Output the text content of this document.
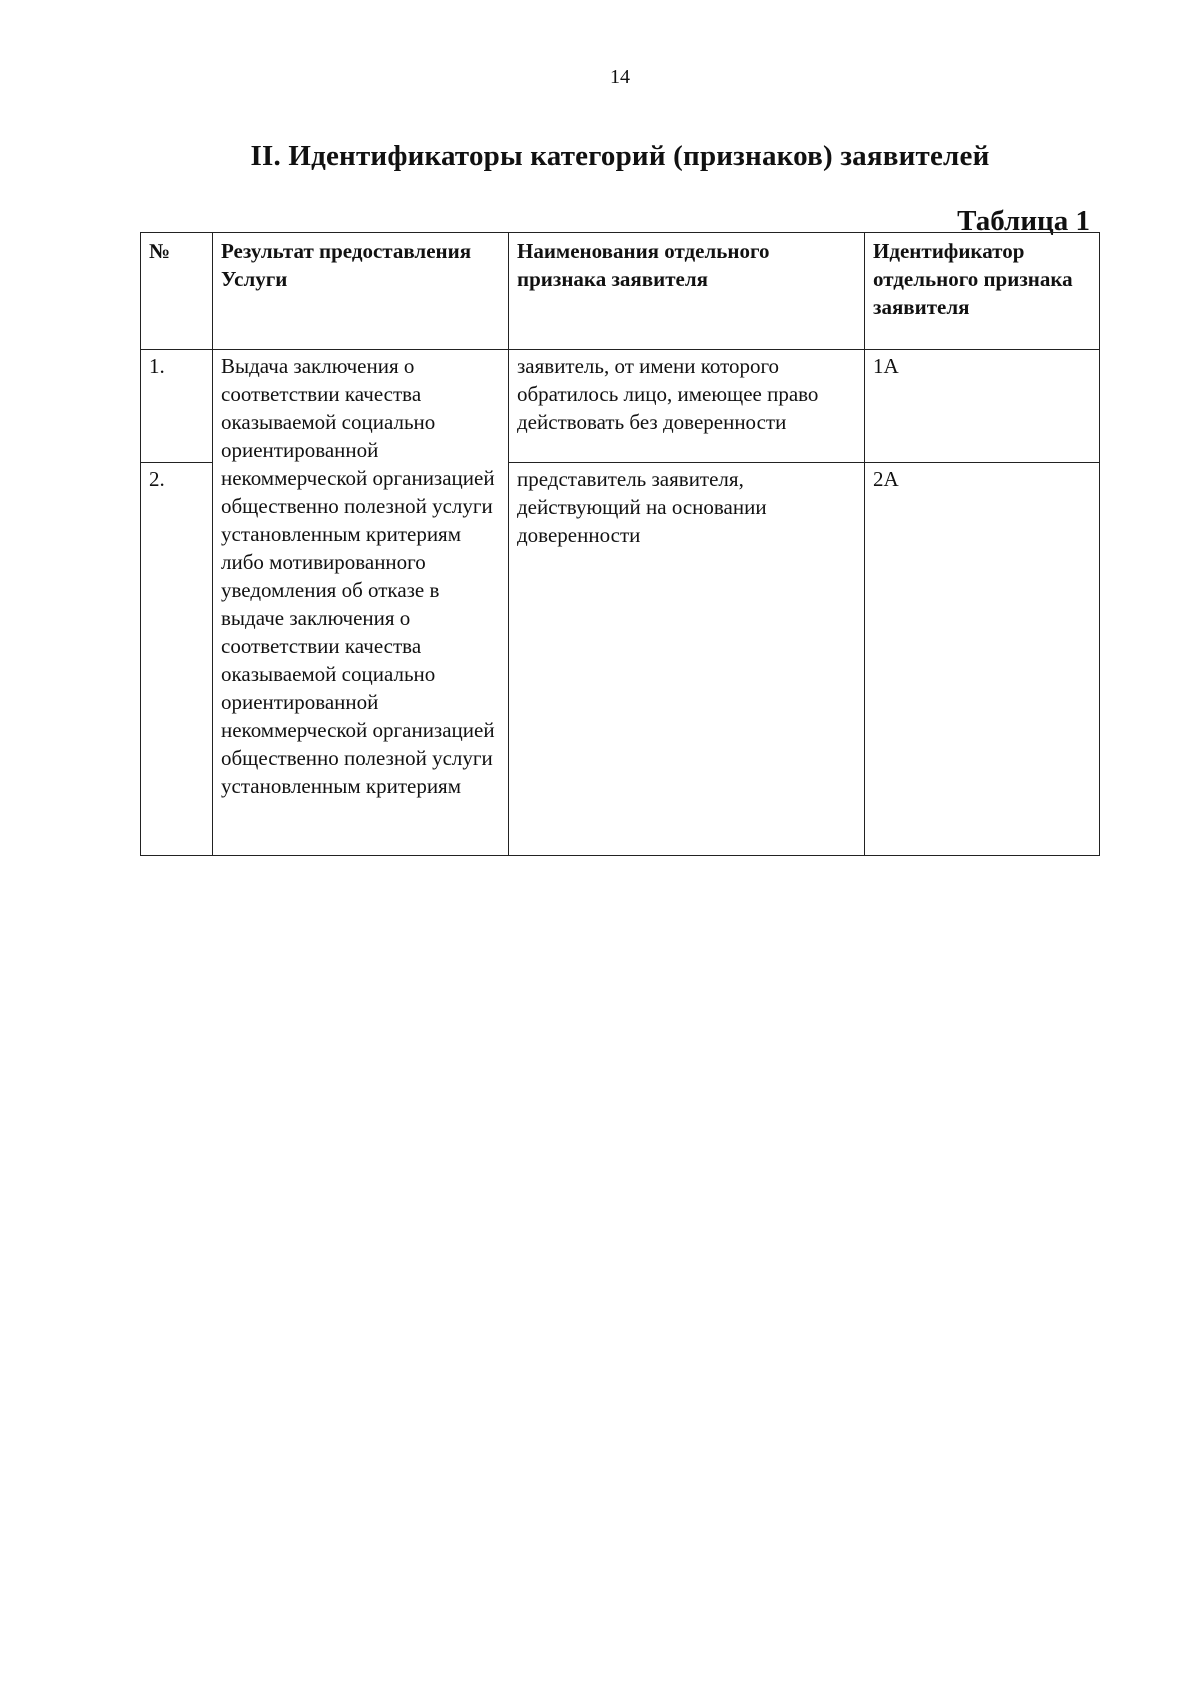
14
II. Идентификаторы категорий (признаков) заявителей
Таблица 1
№	Результат предоставления Услуги	Наименования отдельного признака заявителя	Идентификатор отдельного признака заявителя
1.	Выдача заключения о соответствии качества оказываемой социально ориентированной некоммерческой организацией общественно полезной услуги установленным критериям либо мотивированного уведомления об отказе в выдаче заключения о соответствии качества оказываемой социально ориентированной некоммерческой организацией общественно полезной услуги установленным критериям	заявитель, от имени которого обратилось лицо, имеющее право действовать без доверенности	1А
2.		представитель заявителя, действующий на основании доверенности	2А
